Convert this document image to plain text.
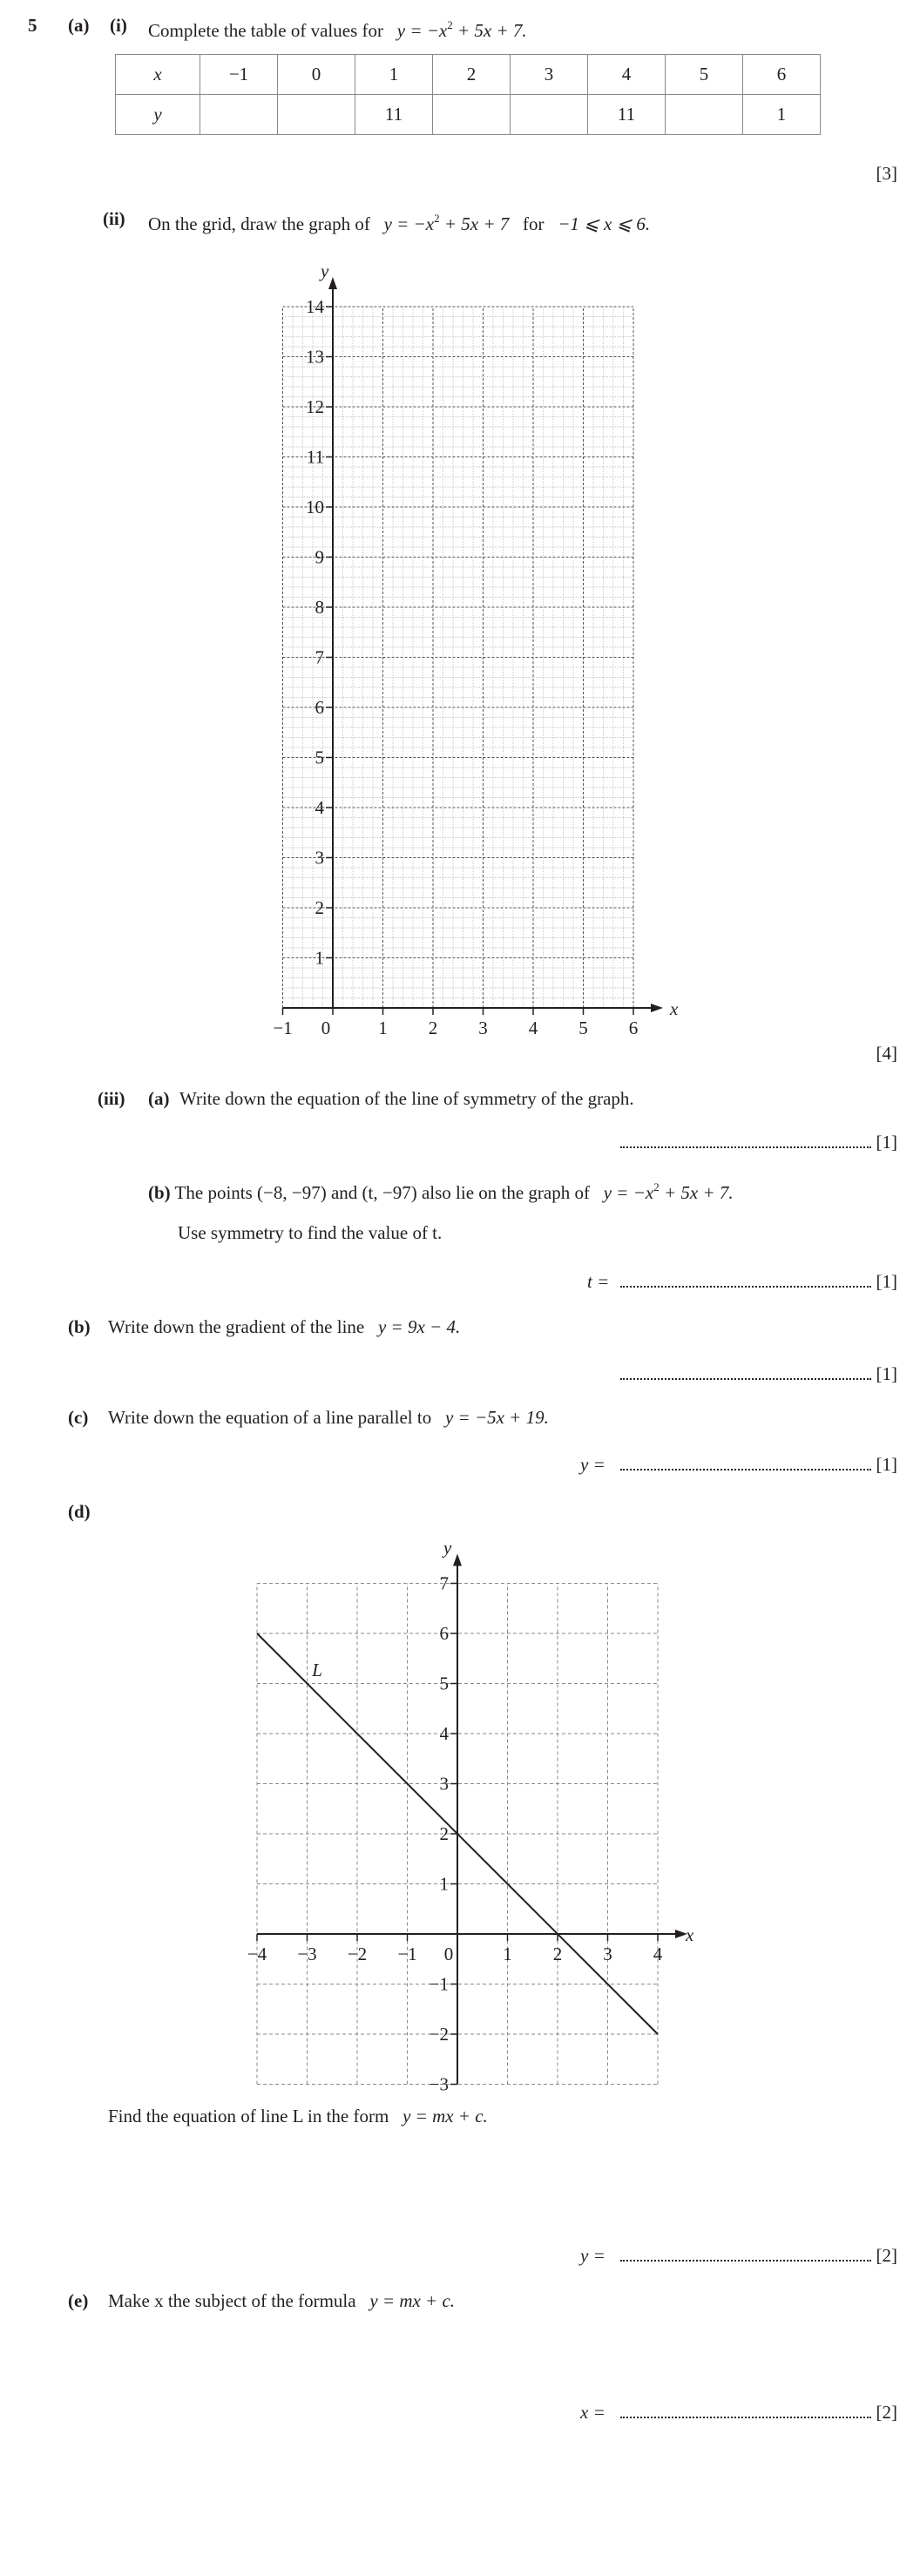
5 (a) (i) Complete the table of values for $y = -x^2 + 5x + 7$.
x	−1	0	1	2	3	4	5	6
y			11			11		1
[3]
(ii) On the grid, draw the graph of $y = -x^2 + 5x + 7$ for −1 ⩽ x ⩽ 6.
−1 0	1 2 3 4 5 6
1
2
3
4
5
6
7
8
9
10
11
12
13
14
x
y
[4]
(iii) (a) Write down the equation of the line of symmetry of the graph.
[1]
(b) The points (−8, −97) and (t, −97) also lie on the graph of $y = -x^2 + 5x + 7$.
Use symmetry to find the value of t.
t =	[1]
(b) Write down the gradient of the line y = 9x − 4.
[1]
(c) Write down the equation of a line parallel to y = −5x + 19.
y =	[1]
(d)
−4 −3 −2 −1 0	1 2 3 4
−3
−2
−1
1
2
3
4
5
6
7
x
y
L
Find the equation of line L in the form y = mx + c.
y =	[2]
(e) Make x the subject of the formula y = mx + c.
x =	[2]
